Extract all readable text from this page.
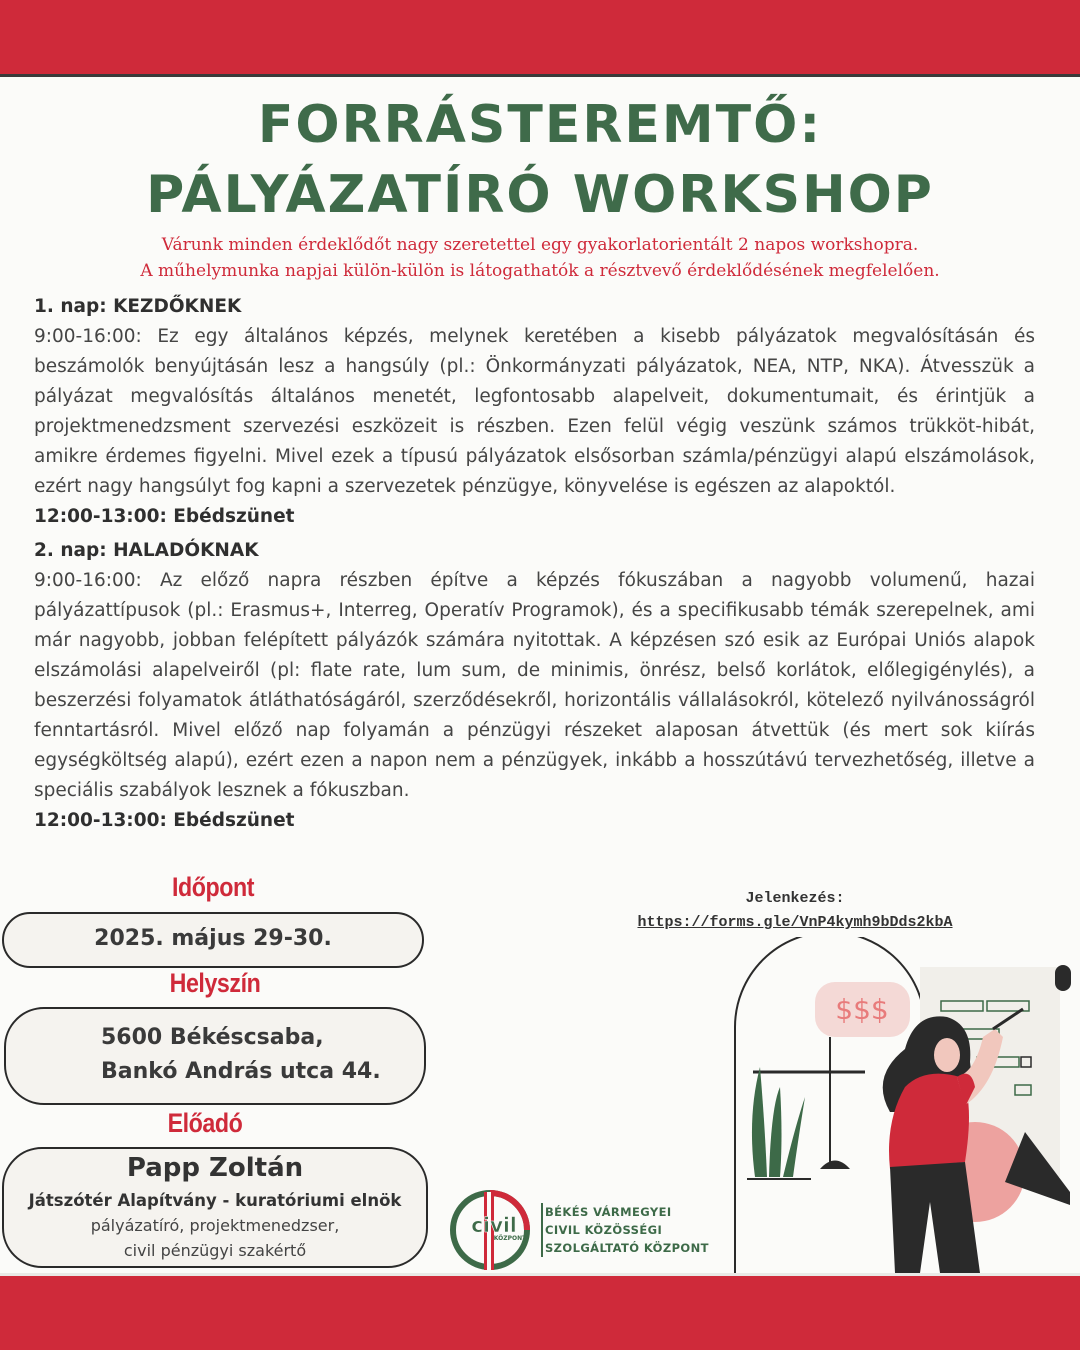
FORRÁSTEREMTŐ:
PÁLYÁZATÍRÓ WORKSHOP
Várunk minden érdeklődőt nagy szeretettel egy gyakorlatorientált 2 napos workshopra.
A műhelymunka napjai külön-külön is látogathatók a résztvevő érdeklődésének megfelelően.
1. nap: KEZDŐKNEK
9:00-16:00: Ez egy általános képzés, melynek keretében a kisebb pályázatok megvalósításán és beszámolók benyújtásán lesz a hangsúly (pl.: Önkormányzati pályázatok, NEA, NTP, NKA). Átvesszük a pályázat megvalósítás általános menetét, legfontosabb alapelveit, dokumentumait, és érintjük a projektmenedzsment szervezési eszközeit is részben. Ezen felül végig veszünk számos trükköt-hibát, amikre érdemes figyelni. Mivel ezek a típusú pályázatok elsősorban számla/pénzügyi alapú elszámolások, ezért nagy hangsúlyt fog kapni a szervezetek pénzügye, könyvelése is egészen az alapoktól.
12:00-13:00: Ebédszünet
2. nap: HALADÓKNAK
9:00-16:00: Az előző napra részben építve a képzés fókuszában a nagyobb volumenű, hazai pályázattípusok (pl.: Erasmus+, Interreg, Operatív Programok), és a specifikusabb témák szerepelnek, ami már nagyobb, jobban felépített pályázók számára nyitottak. A képzésen szó esik az Európai Uniós alapok elszámolási alapelveiről (pl: flate rate, lum sum, de minimis, önrész, belső korlátok, előlegigénylés), a beszerzési folyamatok átláthatóságáról, szerződésekről, horizontális vállalásokról, kötelező nyilvánosságról fenntartásról. Mivel előző nap folyamán a pénzügyi részeket alaposan átvettük (és mert sok kiírás egységköltség alapú), ezért ezen a napon nem a pénzügyek, inkább a hosszútávú tervezhetőség, illetve a speciális szabályok lesznek a fókuszban.
12:00-13:00: Ebédszünet
Időpont
2025. május 29-30.
Helyszín
5600 Békéscsaba,
Bankó András utca 44.
Előadó
Papp Zoltán
Játszótér Alapítvány - kuratóriumi elnök
pályázatíró, projektmenedzser,
civil pénzügyi szakértő
Jelenkezés:
https://forms.gle/VnP4kymh9bDds2kbA
civil
KÖZPONT
BÉKÉS VÁRMEGYEI
CIVIL KÖZÖSSÉGI
SZOLGÁLTATÓ KÖZPONT
$$$
